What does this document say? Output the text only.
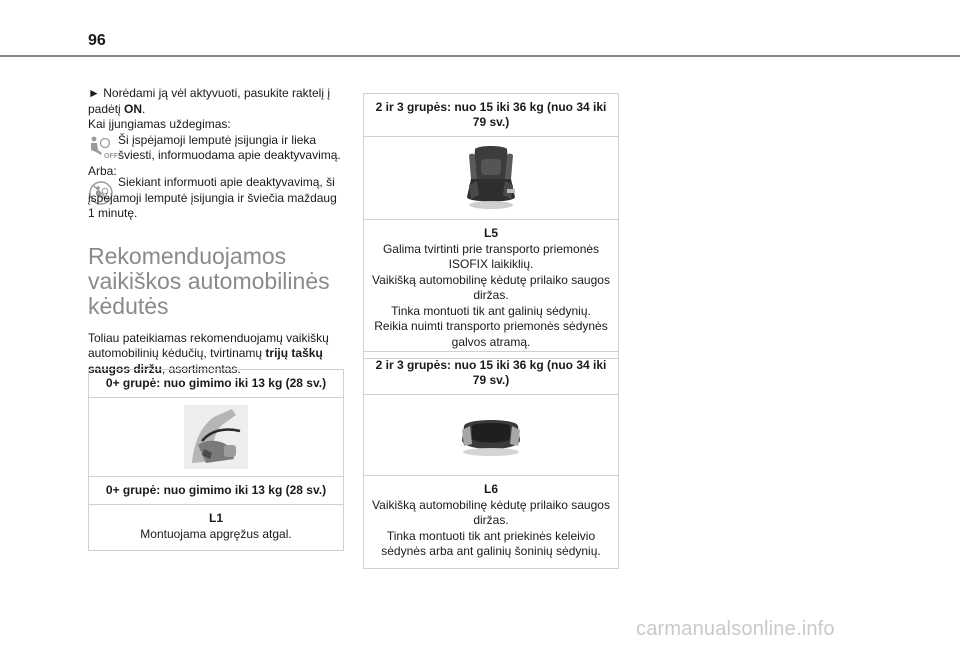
96

► Norėdami ją vėl aktyvuoti, pasukite raktelį į padėtį ON.

Kai įjungiamas uždegimas:

OFF
Ši įspėjamoji lemputė įsijungia ir lieka šviesti, informuodama apie deaktyvavimą.

Arba:

Siekiant informuoti apie deaktyvavimą, ši įspėjamoji lemputė įsijungia ir šviečia maždaug 1 minutę.

Rekomenduojamos vaikiškos automobilinės kėdutės

Toliau pateikiamas rekomenduojamų vaikiškų automobilinių kėdučių, tvirtinamų trijų taškų saugos diržu, asortimentas.

0+ grupė: nuo gimimo iki 13 kg (28 sv.)
0+ grupė: nuo gimimo iki 13 kg (28 sv.)
L1
Montuojama apgręžus atgal.
2 ir 3 grupės: nuo 15 iki 36 kg (nuo 34 iki 79 sv.)
L5
Galima tvirtinti prie transporto priemonės ISOFIX laikiklių.
Vaikišką automobilinę kėdutę prilaiko saugos diržas.
Tinka montuoti tik ant galinių sėdynių.
Reikia nuimti transporto priemonės sėdynės galvos atramą.
2 ir 3 grupės: nuo 15 iki 36 kg (nuo 34 iki 79 sv.)
L6
Vaikišką automobilinę kėdutę prilaiko saugos diržas.
Tinka montuoti tik ant priekinės keleivio sėdynės arba ant galinių šoninių sėdynių.
carmanualsonline.info
